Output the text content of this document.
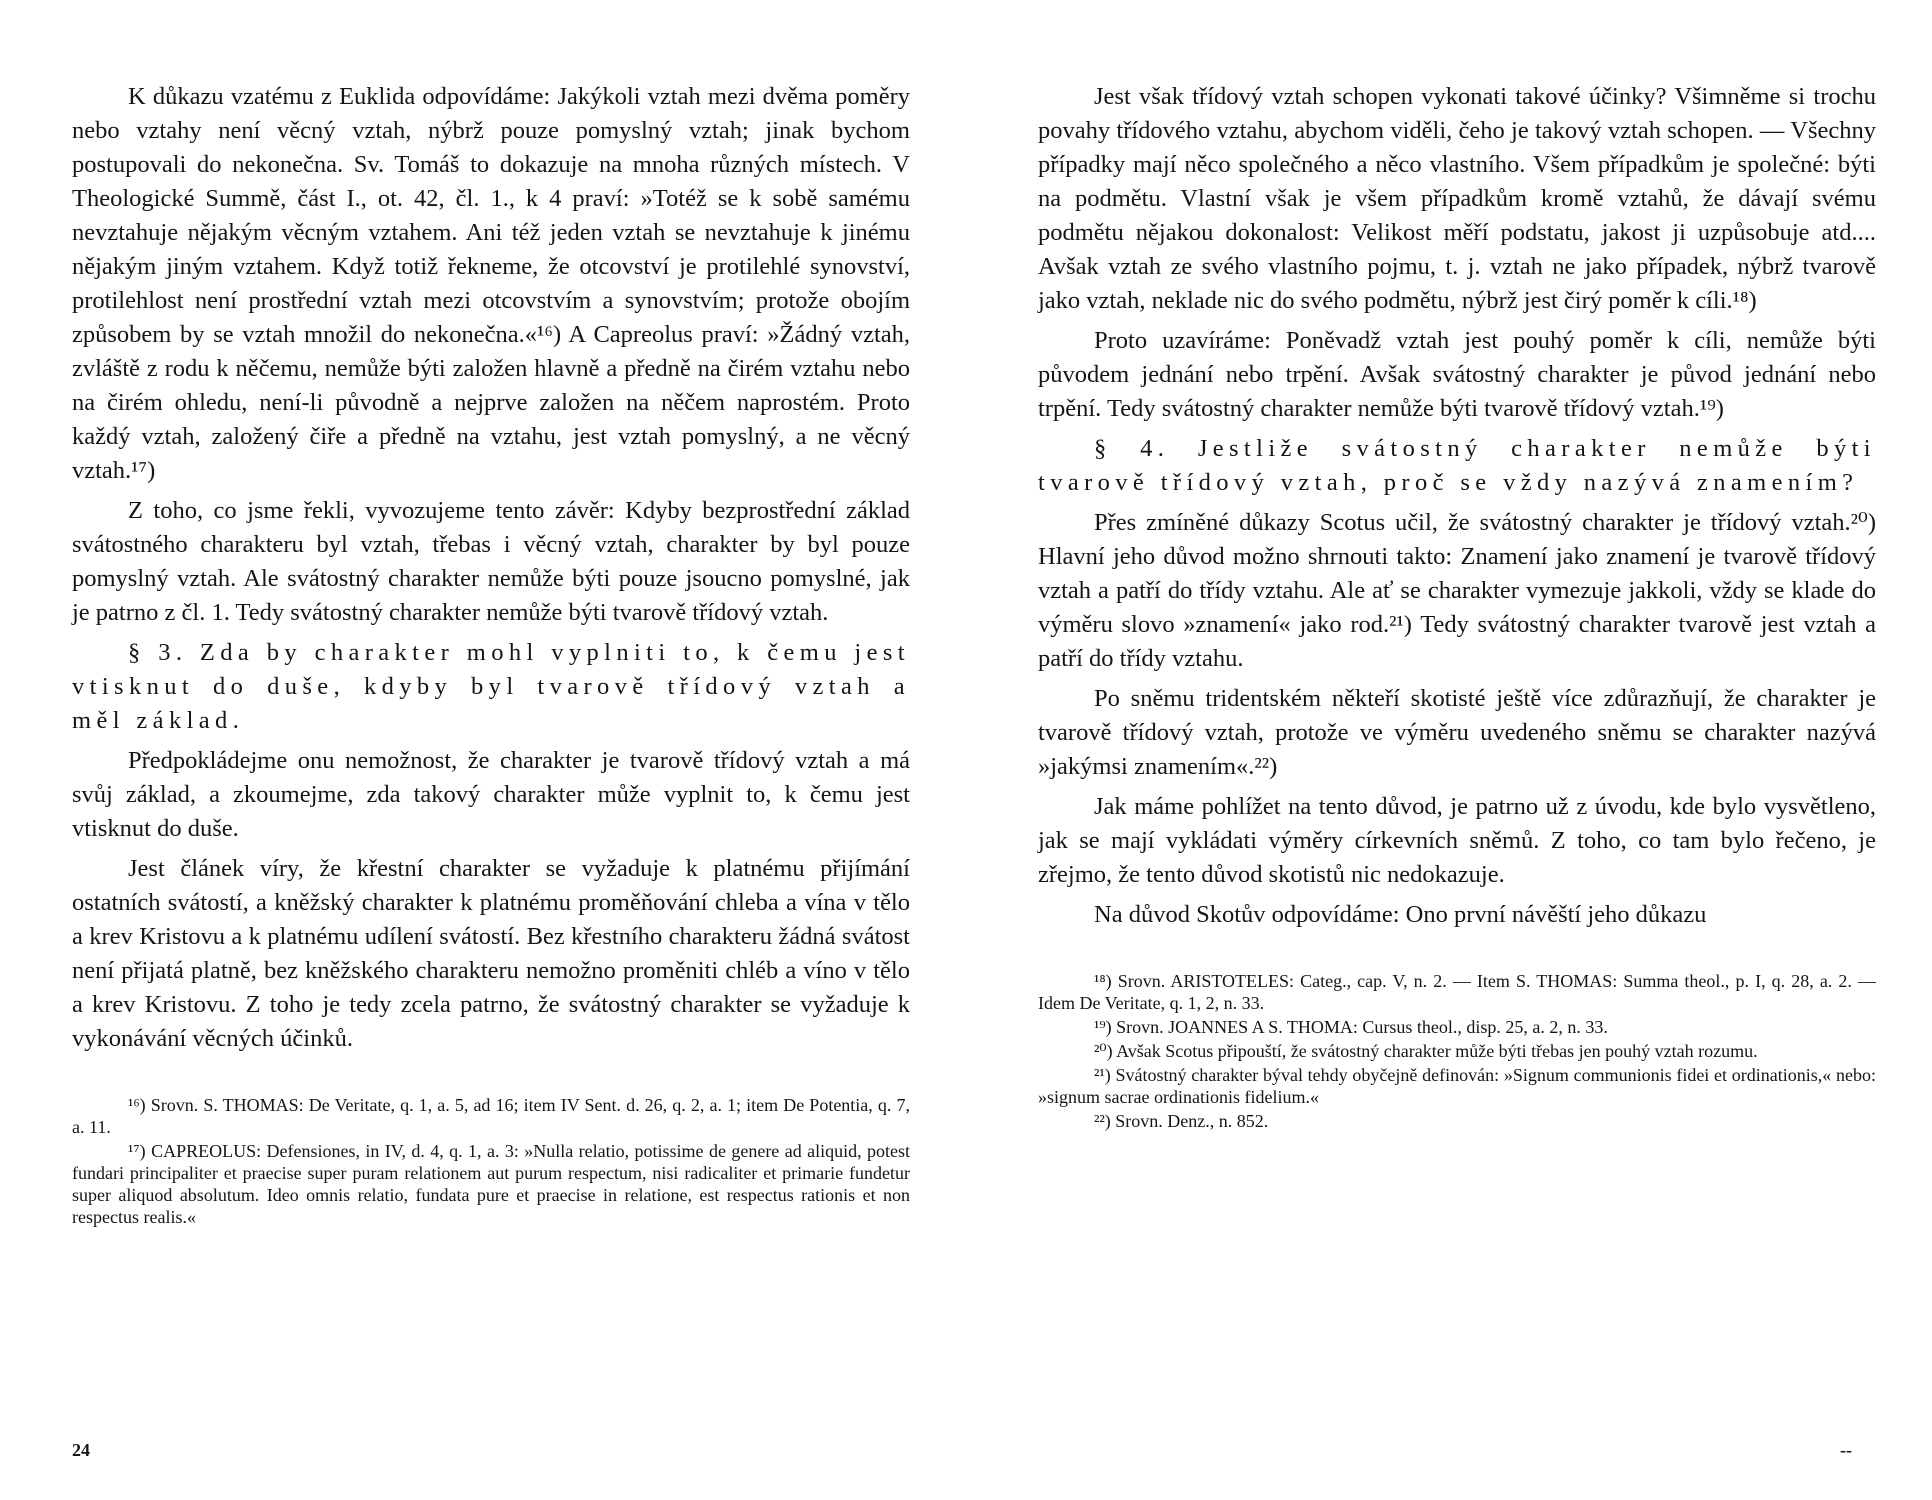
K důkazu vzatému z Euklida odpovídáme: Jakýkoli vztah mezi dvěma poměry nebo vztahy není věcný vztah, nýbrž pouze pomyslný vztah; jinak bychom postupovali do nekonečna. Sv. Tomáš to dokazuje na mnoha různých místech. V Theologické Summě, část I., ot. 42, čl. 1., k 4 praví: »Totéž se k sobě samému nevztahuje nějakým věcným vztahem. Ani též jeden vztah se nevztahuje k jinému nějakým jiným vztahem. Když totiž řekneme, že otcovství je protilehlé synovství, protilehlost není prostřední vztah mezi otcovstvím a synovstvím; protože obojím způsobem by se vztah množil do nekonečna.«¹⁶) A Capreolus praví: »Žádný vztah, zvláště z rodu k něčemu, nemůže býti založen hlavně a předně na čirém vztahu nebo na čirém ohledu, není-li původně a nejprve založen na něčem naprostém. Proto každý vztah, založený čiře a předně na vztahu, jest vztah pomyslný, a ne věcný vztah.¹⁷)

Z toho, co jsme řekli, vyvozujeme tento závěr: Kdyby bezprostřední základ svátostného charakteru byl vztah, třebas i věcný vztah, charakter by byl pouze pomyslný vztah. Ale svátostný charakter nemůže býti pouze jsoucno pomyslné, jak je patrno z čl. 1. Tedy svátostný charakter nemůže býti tvarově třídový vztah.

§ 3. Zda by charakter mohl vyplniti to, k čemu jest vtisknut do duše, kdyby byl tvarově třídový vztah a měl základ.

Předpokládejme onu nemožnost, že charakter je tvarově třídový vztah a má svůj základ, a zkoumejme, zda takový charakter může vyplnit to, k čemu jest vtisknut do duše.

Jest článek víry, že křestní charakter se vyžaduje k platnému přijímání ostatních svátostí, a kněžský charakter k platnému proměňování chleba a vína v tělo a krev Kristovu a k platnému udílení svátostí. Bez křestního charakteru žádná svátost není přijatá platně, bez kněžského charakteru nemožno proměniti chléb a víno v tělo a krev Kristovu. Z toho je tedy zcela patrno, že svátostný charakter se vyžaduje k vykonávání věcných účinků.

¹⁶) Srovn. S. THOMAS: De Veritate, q. 1, a. 5, ad 16; item IV Sent. d. 26, q. 2, a. 1; item De Potentia, q. 7, a. 11.

¹⁷) CAPREOLUS: Defensiones, in IV, d. 4, q. 1, a. 3: »Nulla relatio, potissime de genere ad aliquid, potest fundari principaliter et praecise super puram relationem aut purum respectum, nisi radicaliter et primarie fundetur super aliquod absolutum. Ideo omnis relatio, fundata pure et praecise in relatione, est respectus rationis et non respectus realis.«

Jest však třídový vztah schopen vykonati takové účinky? Všimněme si trochu povahy třídového vztahu, abychom viděli, čeho je takový vztah schopen. — Všechny případky mají něco společného a něco vlastního. Všem případkům je společné: býti na podmětu. Vlastní však je všem případkům kromě vztahů, že dávají svému podmětu nějakou dokonalost: Velikost měří podstatu, jakost ji uzpůsobuje atd.... Avšak vztah ze svého vlastního pojmu, t. j. vztah ne jako případek, nýbrž tvarově jako vztah, neklade nic do svého podmětu, nýbrž jest čirý poměr k cíli.¹⁸)

Proto uzavíráme: Poněvadž vztah jest pouhý poměr k cíli, nemůže býti původem jednání nebo trpění. Avšak svátostný charakter je původ jednání nebo trpění. Tedy svátostný charakter nemůže býti tvarově třídový vztah.¹⁹)

§ 4. Jestliže svátostný charakter nemůže býti tvarově třídový vztah, proč se vždy nazývá znamením?

Přes zmíněné důkazy Scotus učil, že svátostný charakter je třídový vztah.²⁰) Hlavní jeho důvod možno shrnouti takto: Znamení jako znamení je tvarově třídový vztah a patří do třídy vztahu. Ale ať se charakter vymezuje jakkoli, vždy se klade do výměru slovo »znamení« jako rod.²¹) Tedy svátostný charakter tvarově jest vztah a patří do třídy vztahu.

Po sněmu tridentském někteří skotisté ještě více zdůrazňují, že charakter je tvarově třídový vztah, protože ve výměru uvedeného sněmu se charakter nazývá »jakýmsi znamením«.²²)

Jak máme pohlížet na tento důvod, je patrno už z úvodu, kde bylo vysvětleno, jak se mají vykládati výměry církevních sněmů. Z toho, co tam bylo řečeno, je zřejmo, že tento důvod skotistů nic nedokazuje.

Na důvod Skotův odpovídáme: Ono první návěští jeho důkazu

¹⁸) Srovn. ARISTOTELES: Categ., cap. V, n. 2. — Item S. THOMAS: Summa theol., p. I, q. 28, a. 2. — Idem De Veritate, q. 1, 2, n. 33.

¹⁹) Srovn. JOANNES A S. THOMA: Cursus theol., disp. 25, a. 2, n. 33.

²⁰) Avšak Scotus připouští, že svátostný charakter může býti třebas jen pouhý vztah rozumu.

²¹) Svátostný charakter býval tehdy obyčejně definován: »Signum communionis fidei et ordinationis,« nebo: »signum sacrae ordinationis fidelium.«

²²) Srovn. Denz., n. 852.

24	--
